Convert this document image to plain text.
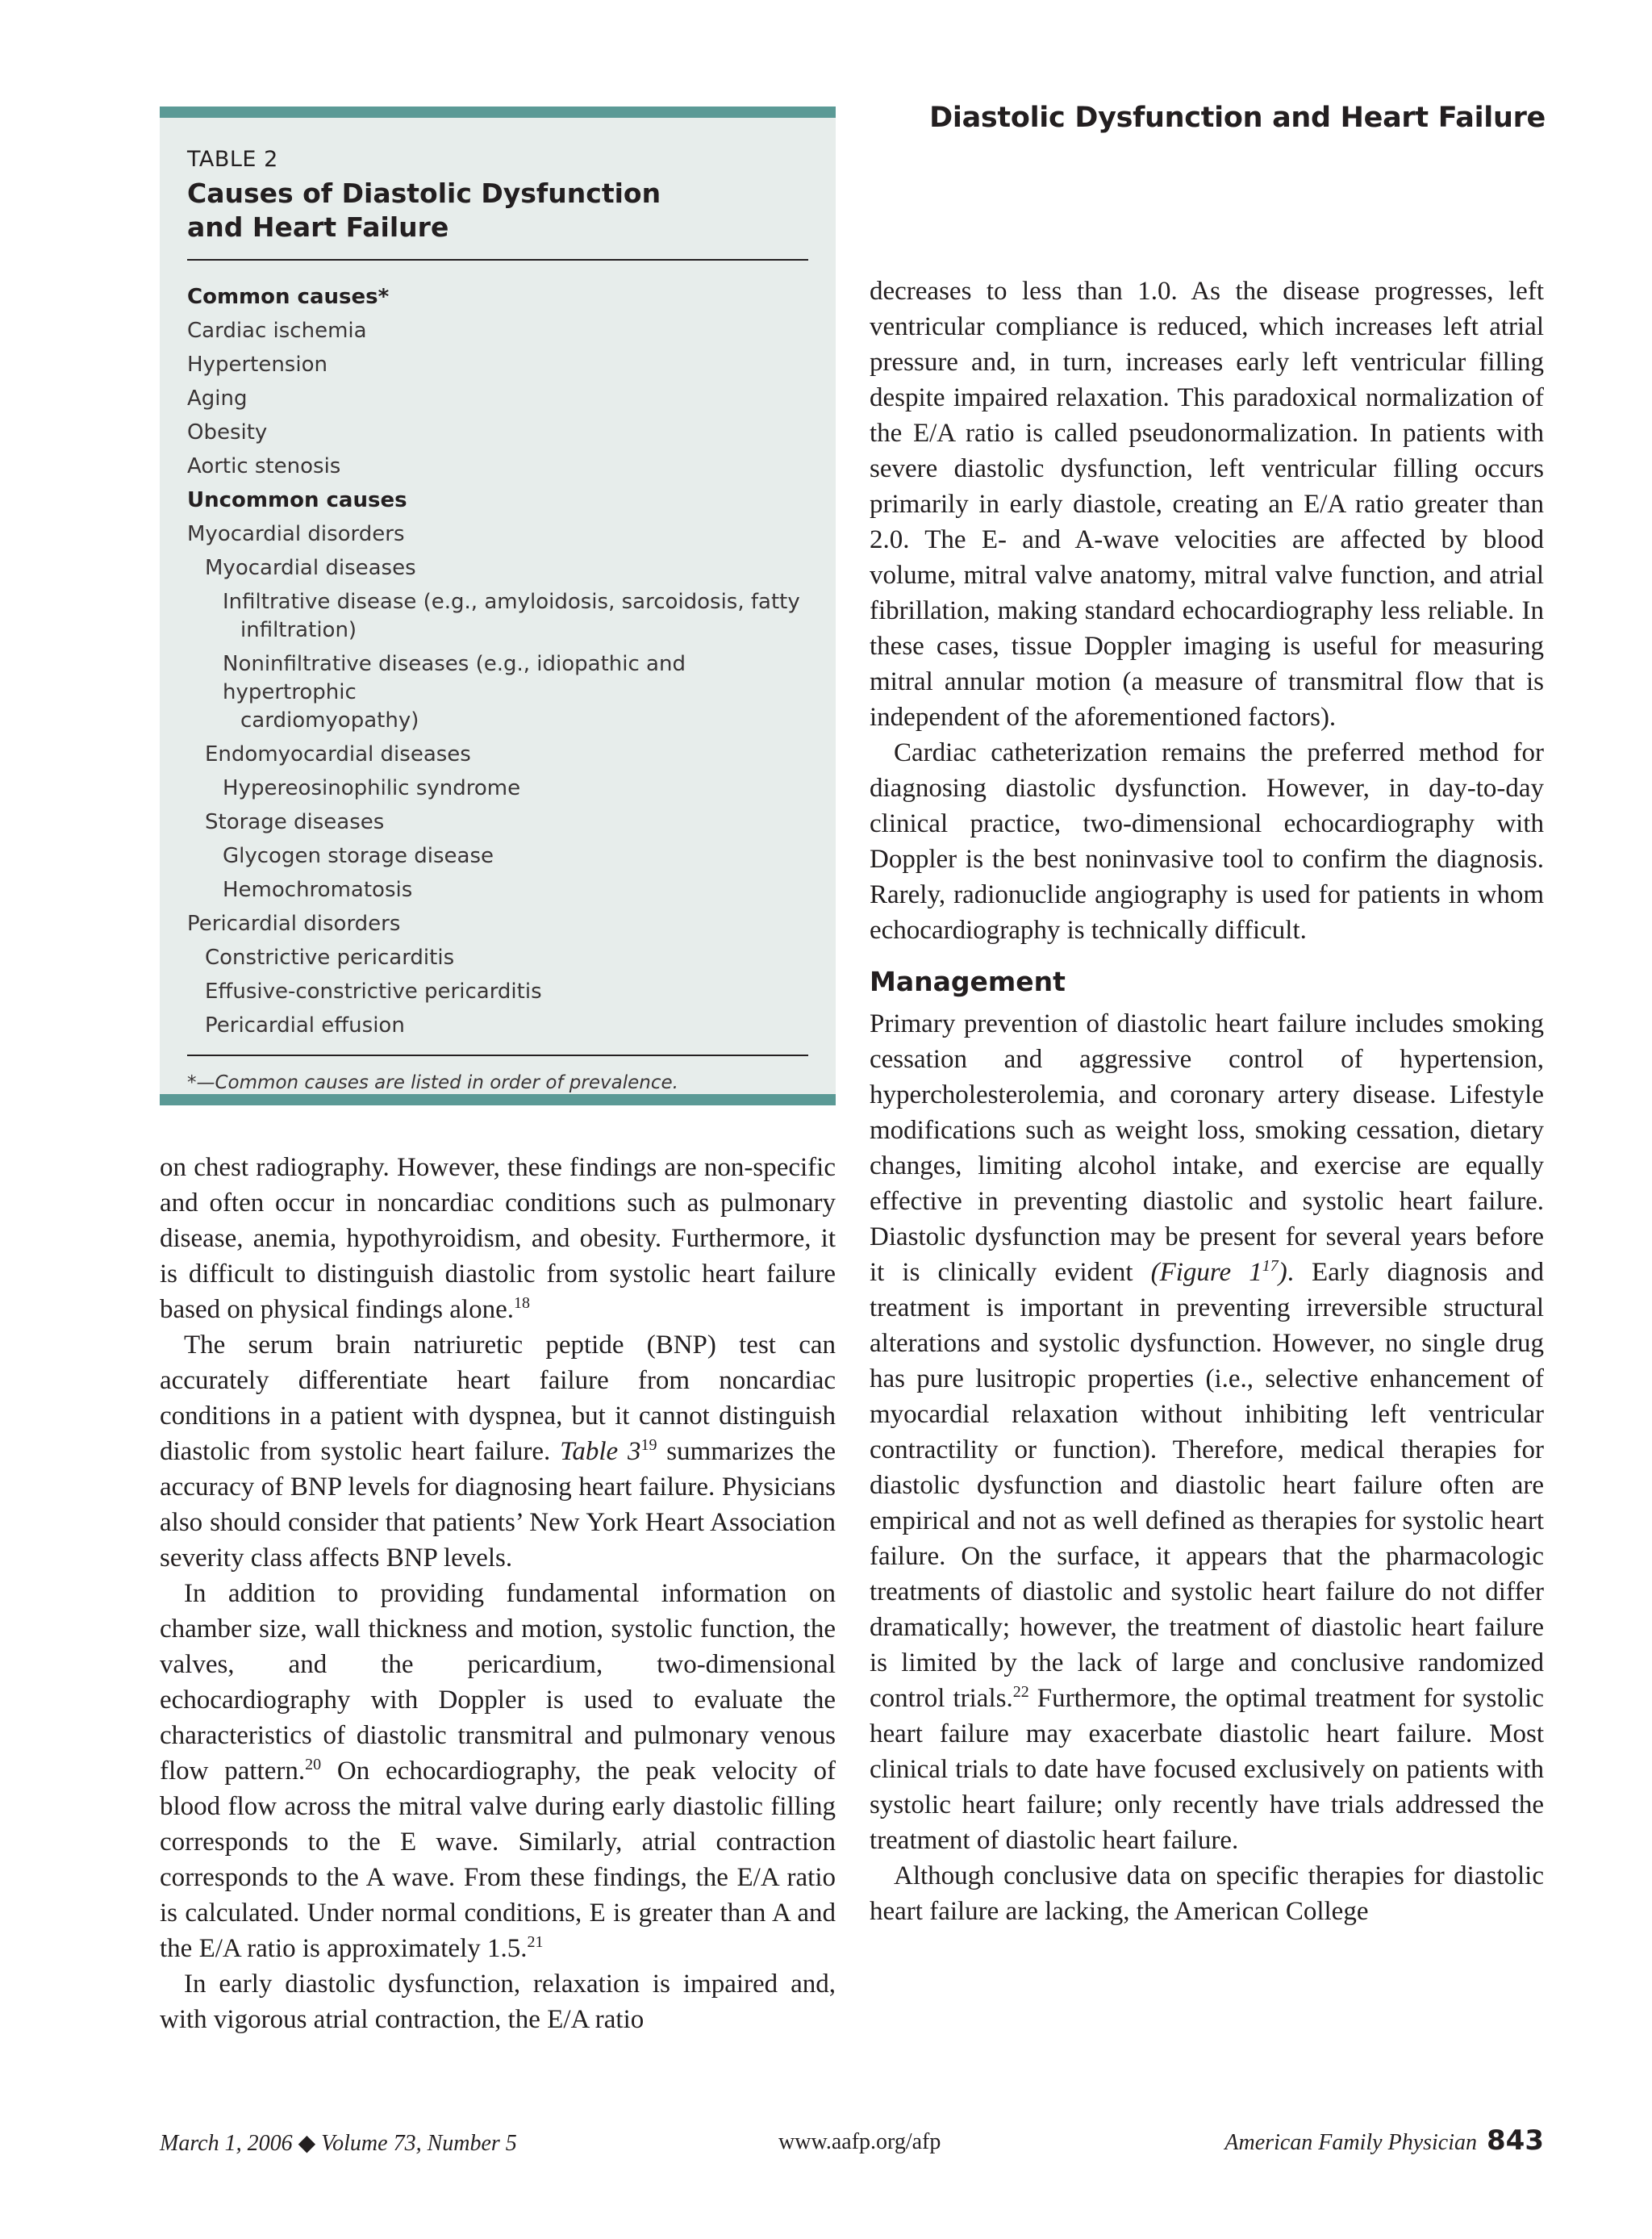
Diastolic Dysfunction and Heart Failure

TABLE 2

Causes of Diastolic Dysfunction
and Heart Failure
Common causes*
Cardiac ischemia
Hypertension
Aging
Obesity
Aortic stenosis
Uncommon causes
Myocardial disorders
Myocardial diseases
Infiltrative disease (e.g., amyloidosis, sarcoidosis, fatty
infiltration)
Noninfiltrative diseases (e.g., idiopathic and hypertrophic
cardiomyopathy)
Endomyocardial diseases
Hypereosinophilic syndrome
Storage diseases
Glycogen storage disease
Hemochromatosis
Pericardial disorders
Constrictive pericarditis
Effusive-constrictive pericarditis
Pericardial effusion
*—Common causes are listed in order of prevalence.

on chest radiography. However, these findings are non-specific and often occur in noncardiac conditions such as pulmonary disease, anemia, hypothyroidism, and obesity. Furthermore, it is difficult to distinguish diastolic from systolic heart failure based on physical findings alone.$^{18}$

The serum brain natriuretic peptide (BNP) test can accurately differentiate heart failure from noncardiac conditions in a patient with dyspnea, but it cannot distinguish diastolic from systolic heart failure. Table $3^{19}$ summarizes the accuracy of BNP levels for diagnosing heart failure. Physicians also should consider that patients’ New York Heart Association severity class affects BNP levels.

In addition to providing fundamental information on chamber size, wall thickness and motion, systolic function, the valves, and the pericardium, two-dimensional echocardiography with Doppler is used to evaluate the characteristics of diastolic transmitral and pulmonary venous flow pattern.$^{20}$ On echocardiography, the peak velocity of blood flow across the mitral valve during early diastolic filling corresponds to the E wave. Similarly, atrial contraction corresponds to the A wave. From these findings, the E/A ratio is calculated. Under normal conditions, E is greater than A and the E/A ratio is approximately 1.5.21

In early diastolic dysfunction, relaxation is impaired and, with vigorous atrial contraction, the E/A ratio

decreases to less than 1.0. As the disease progresses, left ventricular compliance is reduced, which increases left atrial pressure and, in turn, increases early left ventricular filling despite impaired relaxation. This paradoxical normalization of the E/A ratio is called pseudonormalization. In patients with severe diastolic dysfunction, left ventricular filling occurs primarily in early diastole, creating an E/A ratio greater than 2.0. The E- and A-wave velocities are affected by blood volume, mitral valve anatomy, mitral valve function, and atrial fibrillation, making standard echocardiography less reliable. In these cases, tissue Doppler imaging is useful for measuring mitral annular motion (a measure of transmitral flow that is independent of the aforementioned factors).

Cardiac catheterization remains the preferred method for diagnosing diastolic dysfunction. However, in day-to-day clinical practice, two-dimensional echocardiography with Doppler is the best noninvasive tool to confirm the diagnosis. Rarely, radionuclide angiography is used for patients in whom echocardiography is technically difficult.

Management

Primary prevention of diastolic heart failure includes smoking cessation and aggressive control of hypertension, hypercholesterolemia, and coronary artery disease. Lifestyle modifications such as weight loss, smoking cessation, dietary changes, limiting alcohol intake, and exercise are equally effective in preventing diastolic and systolic heart failure. Diastolic dysfunction may be present for several years before it is clinically evident (Figure $1^{17}$). Early diagnosis and treatment is important in preventing irreversible structural alterations and systolic dysfunction. However, no single drug has pure lusitropic properties (i.e., selective enhancement of myocardial relaxation without inhibiting left ventricular contractility or function). Therefore, medical therapies for diastolic dysfunction and diastolic heart failure often are empirical and not as well defined as therapies for systolic heart failure. On the surface, it appears that the pharmacologic treatments of diastolic and systolic heart failure do not differ dramatically; however, the treatment of diastolic heart failure is limited by the lack of large and conclusive randomized control trials.$^{22}$ Furthermore, the optimal treatment for systolic heart failure may exacerbate diastolic heart failure. Most clinical trials to date have focused exclusively on patients with systolic heart failure; only recently have trials addressed the treatment of diastolic heart failure.

Although conclusive data on specific therapies for diastolic heart failure are lacking, the American College

March 1, 2006 ◆ Volume 73, Number 5	www.aafp.org/afp	American Family Physician 843
